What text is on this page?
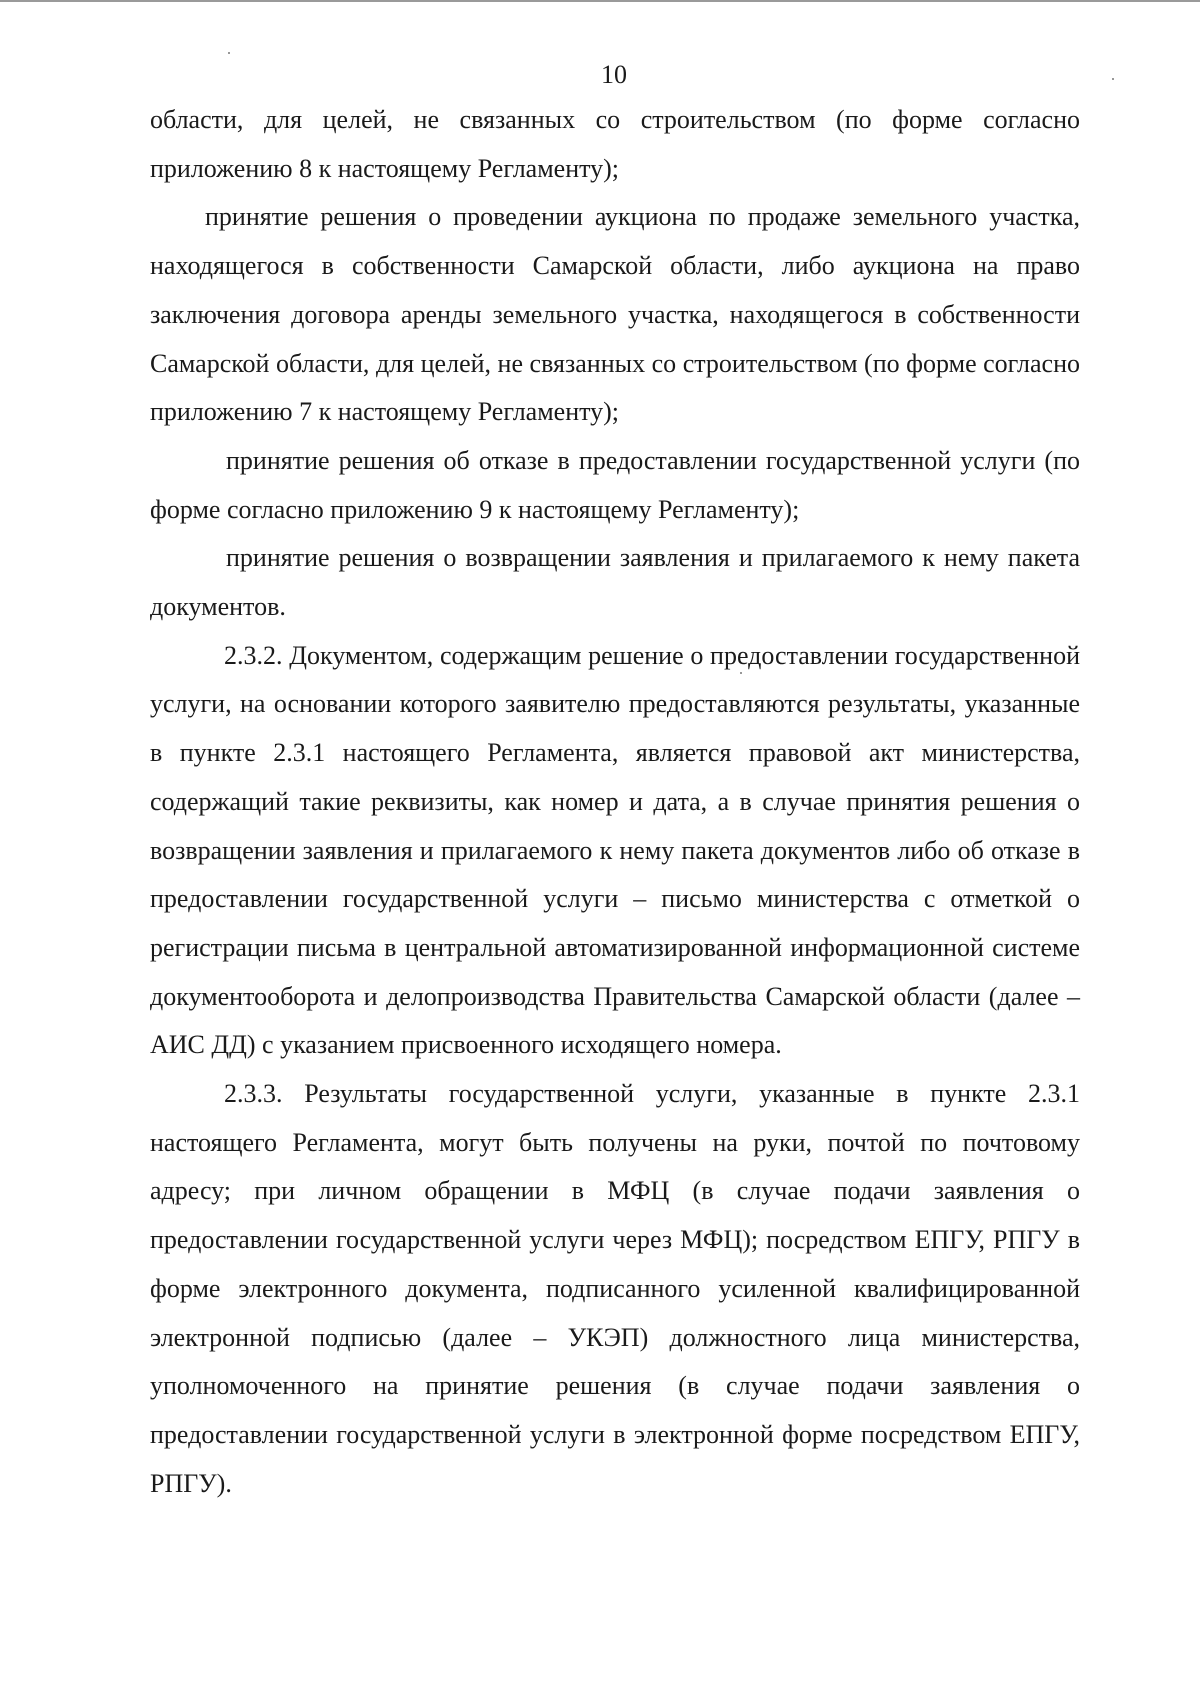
10

области, для целей, не связанных со строительством (по форме согласно приложению 8 к настоящему Регламенту);

принятие решения о проведении аукциона по продаже земельного участка, находящегося в собственности Самарской области, либо аукциона на право заключения договора аренды земельного участка, находящегося в собственности Самарской области, для целей, не связанных со строительством (по форме согласно приложению 7 к настоящему Регламенту);

принятие решения об отказе в предоставлении государственной услуги (по форме согласно приложению 9 к настоящему Регламенту);

принятие решения о возвращении заявления и прилагаемого к нему пакета документов.

2.3.2. Документом, содержащим решение о предоставлении государственной услуги, на основании которого заявителю предоставляются результаты, указанные в пункте 2.3.1 настоящего Регламента, является правовой акт министерства, содержащий такие реквизиты, как номер и дата, а в случае принятия решения о возвращении заявления и прилагаемого к нему пакета документов либо об отказе в предоставлении государственной услуги – письмо министерства с отметкой о регистрации письма в центральной автоматизированной информационной системе документооборота и делопроизводства Правительства Самарской области (далее – АИС ДД) с указанием присвоенного исходящего номера.

2.3.3. Результаты государственной услуги, указанные в пункте 2.3.1 настоящего Регламента, могут быть получены на руки, почтой по почтовому адресу; при личном обращении в МФЦ (в случае подачи заявления о предоставлении государственной услуги через МФЦ); посредством ЕПГУ, РПГУ в форме электронного документа, подписанного усиленной квалифицированной электронной подписью (далее – УКЭП) должностного лица министерства, уполномоченного на принятие решения (в случае подачи заявления о предоставлении государственной услуги в электронной форме посредством ЕПГУ, РПГУ).
